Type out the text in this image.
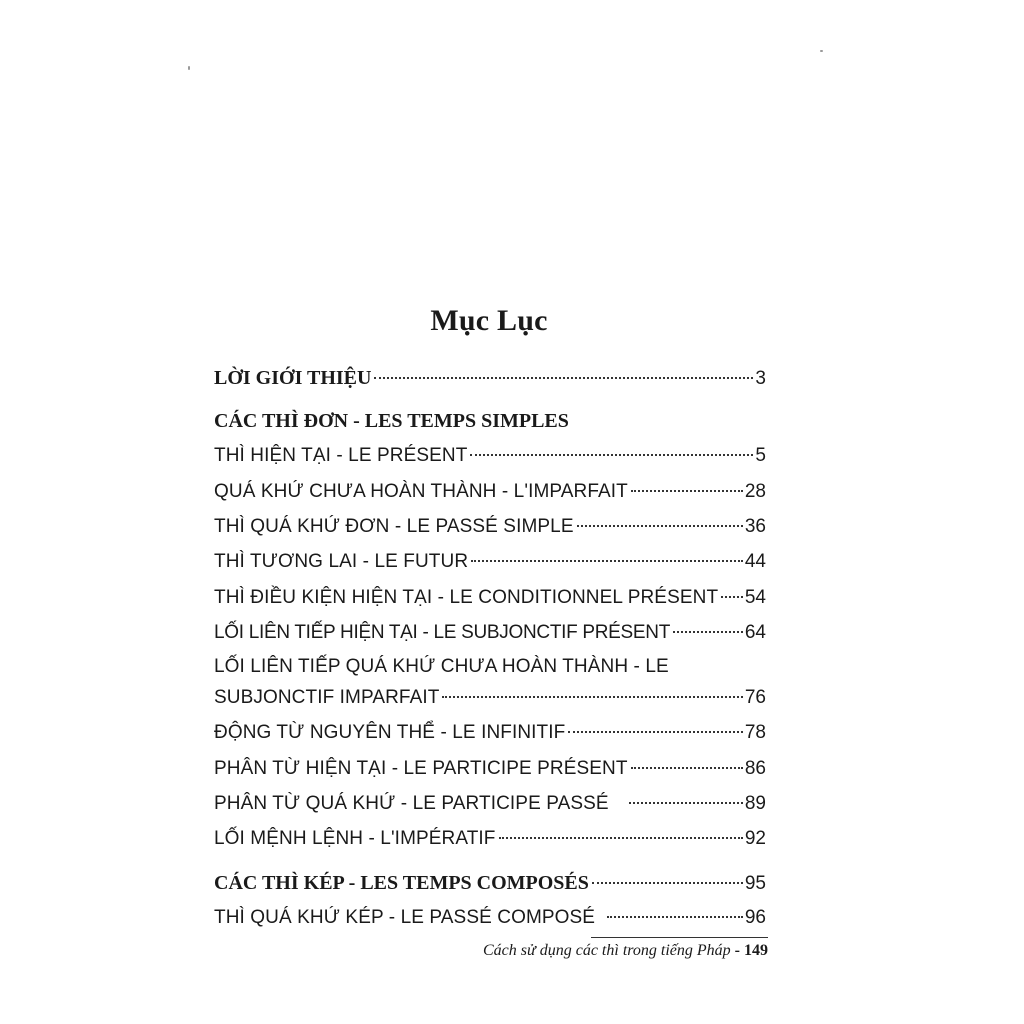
Mục Lục
LỜI GIỚI THIỆU	3
CÁC THÌ ĐƠN - LES TEMPS SIMPLES
THÌ HIỆN TẠI - LE PRÉSENT	5
QUÁ KHỨ CHƯA HOÀN THÀNH - L'IMPARFAIT	28
THÌ QUÁ KHỨ ĐƠN - LE PASSÉ SIMPLE	36
THÌ TƯƠNG LAI - LE FUTUR	44
THÌ ĐIỀU KIỆN HIỆN TẠI - LE CONDITIONNEL PRÉSENT 54
LỐI LIÊN TIẾP HIỆN TẠI - LE SUBJONCTIF PRÉSENT	64
LỐI LIÊN TIẾP QUÁ KHỨ CHƯA HOÀN THÀNH - LE
SUBJONCTIF IMPARFAIT	76
ĐỘNG TỪ NGUYÊN THỂ - LE INFINITIF	78
PHÂN TỪ HIỆN TẠI - LE PARTICIPE PRÉSENT	86
PHÂN TỪ QUÁ KHỨ - LE PARTICIPE PASSÉ	89
LỐI MỆNH LỆNH - L'IMPÉRATIF	92
CÁC THÌ KÉP - LES TEMPS COMPOSÉS	95
THÌ QUÁ KHỨ KÉP - LE PASSÉ COMPOSÉ	96
Cách sử dụng các thì trong tiếng Pháp - 149
